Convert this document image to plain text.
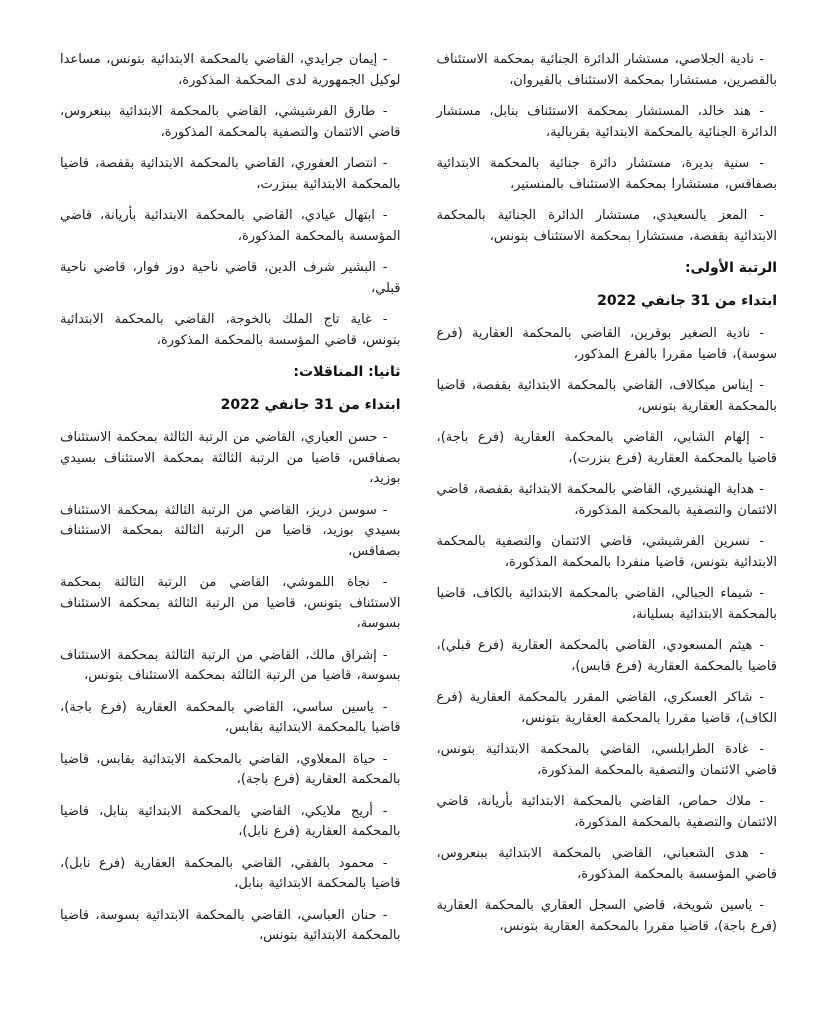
- نادية الجلاصي، مستشار الدائرة الجنائية بمحكمة الاستئناف بالقصرين، مستشارا بمحكمة الاستئناف بالقيروان،

- هند خالد، المستشار بمحكمة الاستئناف بنابل، مستشار الدائرة الجنائية بالمحكمة الابتدائية بقربالية،

- سنية بديرة، مستشار دائرة جنائية بالمحكمة الابتدائية بصفاقس، مستشارا بمحكمة الاستئناف بالمنستير،

- المعز بالسعيدي، مستشار الدائرة الجنائية بالمحكمة الابتدائية بقفصة، مستشارا بمحكمة الاستئناف بتونس،

الرتبة الأولى:

ابتداء من 31 جانفي 2022

- نادية الصغير بوقرين، القاضي بالمحكمة العقارية (فرع سوسة)، قاضيا مقررا بالفرع المذكور،

- إيناس ميكالاف، القاضي بالمحكمة الابتدائية بقفصة، قاضيا بالمحكمة العقارية بتونس،

- إلهام الشابي، القاضي بالمحكمة العقارية (فرع باجة)، قاضيا بالمحكمة العقارية (فرع بنزرت)،

- هداية الهنشيري، القاضي بالمحكمة الابتدائية بقفصة، قاضي الائتمان والتصفية بالمحكمة المذكورة،

- نسرين الفرشيشي، قاضي الائتمان والتصفية بالمحكمة الابتدائية بتونس، قاضيا منفردا بالمحكمة المذكورة،

- شيماء الجبالي، القاضي بالمحكمة الابتدائية بالكاف، قاضيا بالمحكمة الابتدائية بسليانة،

- هيثم المسعودي، القاضي بالمحكمة العقارية (فرع قبلي)، قاضيا بالمحكمة العقارية (فرع قابس)،

- شاكر العسكري، القاضي المقرر بالمحكمة العقارية (فرع الكاف)، قاضيا مقررا بالمحكمة العقارية بتونس،

- غادة الطرابلسي، القاضي بالمحكمة الابتدائية بتونس، قاضي الائتمان والتصفية بالمحكمة المذكورة،

- ملاك حماص، القاضي بالمحكمة الابتدائية بأريانة، قاضي الائتمان والتصفية بالمحكمة المذكورة،

- هدى الشعباني، القاضي بالمحكمة الابتدائية ببنعروس، قاضي المؤسسة بالمحكمة المذكورة،

- ياسين شويخة، قاضي السجل العقاري بالمحكمة العقارية (فرع باجة)، قاضيا مقررا بالمحكمة العقارية بتونس،

- إيمان جرايدي، القاضي بالمحكمة الابتدائية بتونس، مساعدا لوكيل الجمهورية لدى المحكمة المذكورة،

- طارق الفرشيشي، القاضي بالمحكمة الابتدائية ببنعروس، قاضي الائتمان والتصفية بالمحكمة المذكورة،

- انتصار العفوري، القاضي بالمحكمة الابتدائية بقفصة، قاضيا بالمحكمة الابتدائية ببنزرت،

- ابتهال عيادي، القاضي بالمحكمة الابتدائية بأريانة، قاضي المؤسسة بالمحكمة المذكورة،

- البشير شرف الدين، قاضي ناحية دوز فوار، قاضي ناحية قبلي،

- غاية تاج الملك بالخوجة، القاضي بالمحكمة الابتدائية بتونس، قاضي المؤسسة بالمحكمة المذكورة،

ثانيا: المناقلات:

ابتداء من 31 جانفي 2022

- حسن العياري، القاضي من الرتبة الثالثة بمحكمة الاستئناف بصفاقس، قاضيا من الرتبة الثالثة بمحكمة الاستئناف بسيدي بوزيد،

- سوسن دريز، القاضي من الرتبة الثالثة بمحكمة الاستئناف بسيدي بوزيد، قاضيا من الرتبة الثالثة بمحكمة الاستئناف بصفاقس،

- نجاة اللموشي، القاضي من الرتبة الثالثة بمحكمة الاستئناف بتونس، قاضيا من الرتبة الثالثة بمحكمة الاستئناف بسوسة،

- إشراق مالك، القاضي من الرتبة الثالثة بمحكمة الاستئناف بسوسة، قاضيا من الرتبة الثالثة بمحكمة الاستئناف بتونس،

- ياسين ساسي، القاضي بالمحكمة العقارية (فرع باجة)، قاضيا بالمحكمة الابتدائية بقابس،

- حياة المعلاوي، القاضي بالمحكمة الابتدائية بقابس، قاضيا بالمحكمة العقارية (فرع باجة)،

- أريج ملايكي، القاضي بالمحكمة الابتدائية بنابل، قاضيا بالمحكمة العقارية (فرع نابل)،

- محمود بالفقي، القاضي بالمحكمة العقارية (فرع نابل)، قاضيا بالمحكمة الابتدائية بنابل،

- حنان العباسي، القاضي بالمحكمة الابتدائية بسوسة، قاضيا بالمحكمة الابتدائية بتونس،
